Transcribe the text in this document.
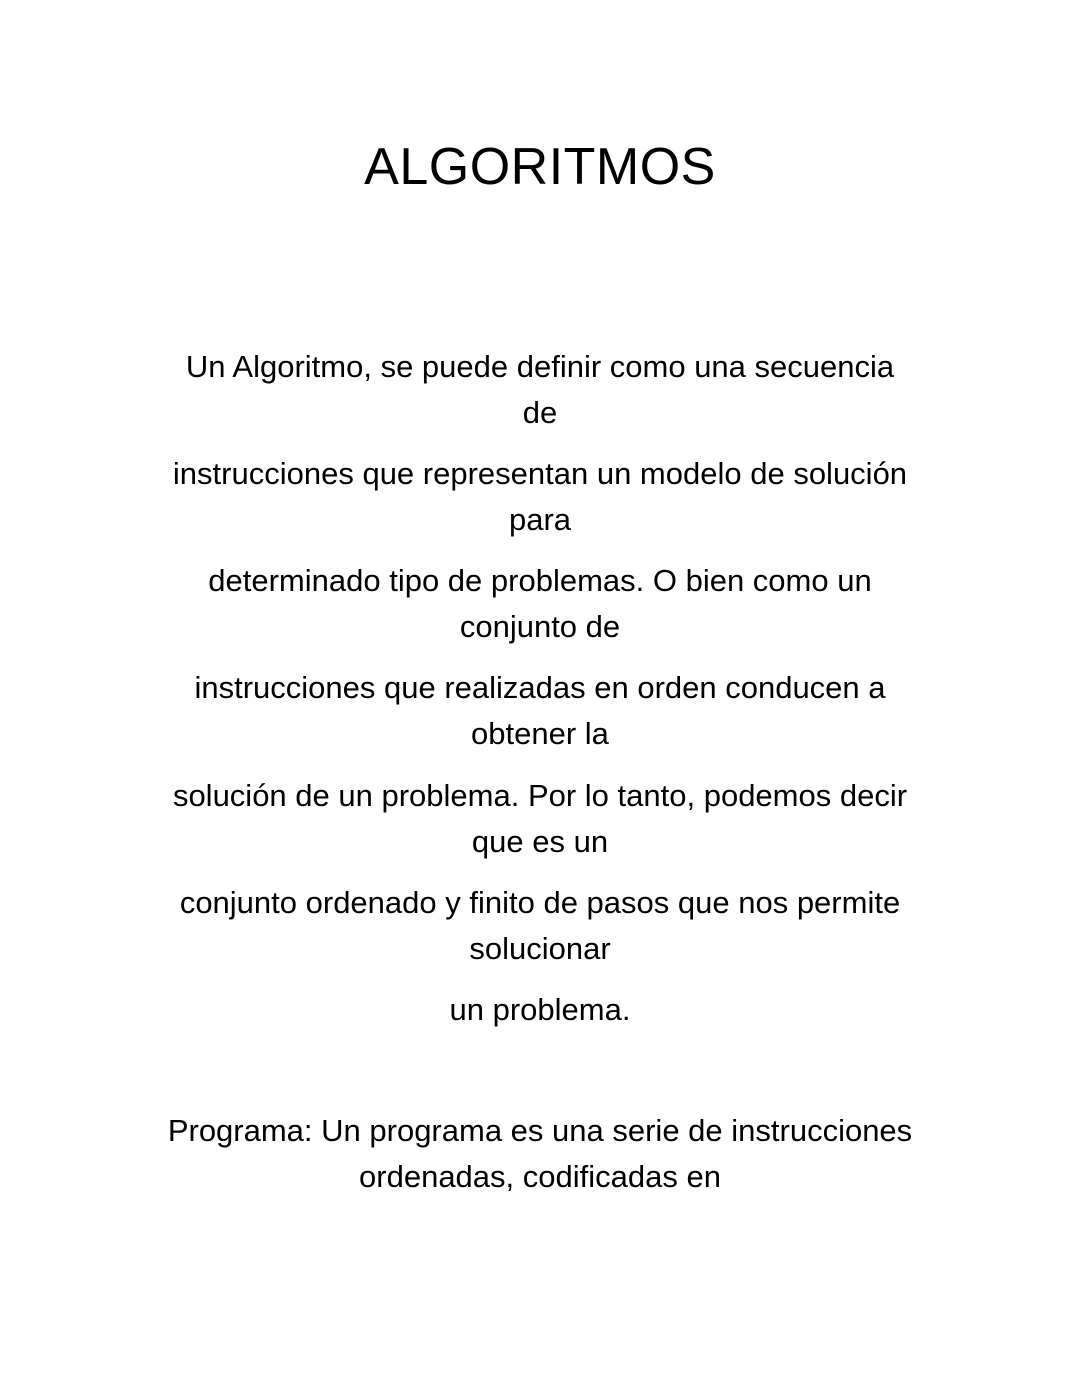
ALGORITMOS
Un Algoritmo, se puede definir como una secuencia
de
instrucciones que representan un modelo de solución
para
determinado tipo de problemas. O bien como un
conjunto de
instrucciones que realizadas en orden conducen a
obtener la
solución de un problema. Por lo tanto, podemos decir
que es un
conjunto ordenado y finito de pasos que nos permite
solucionar
un problema.
Programa: Un programa es una serie de instrucciones
ordenadas, codificadas en
